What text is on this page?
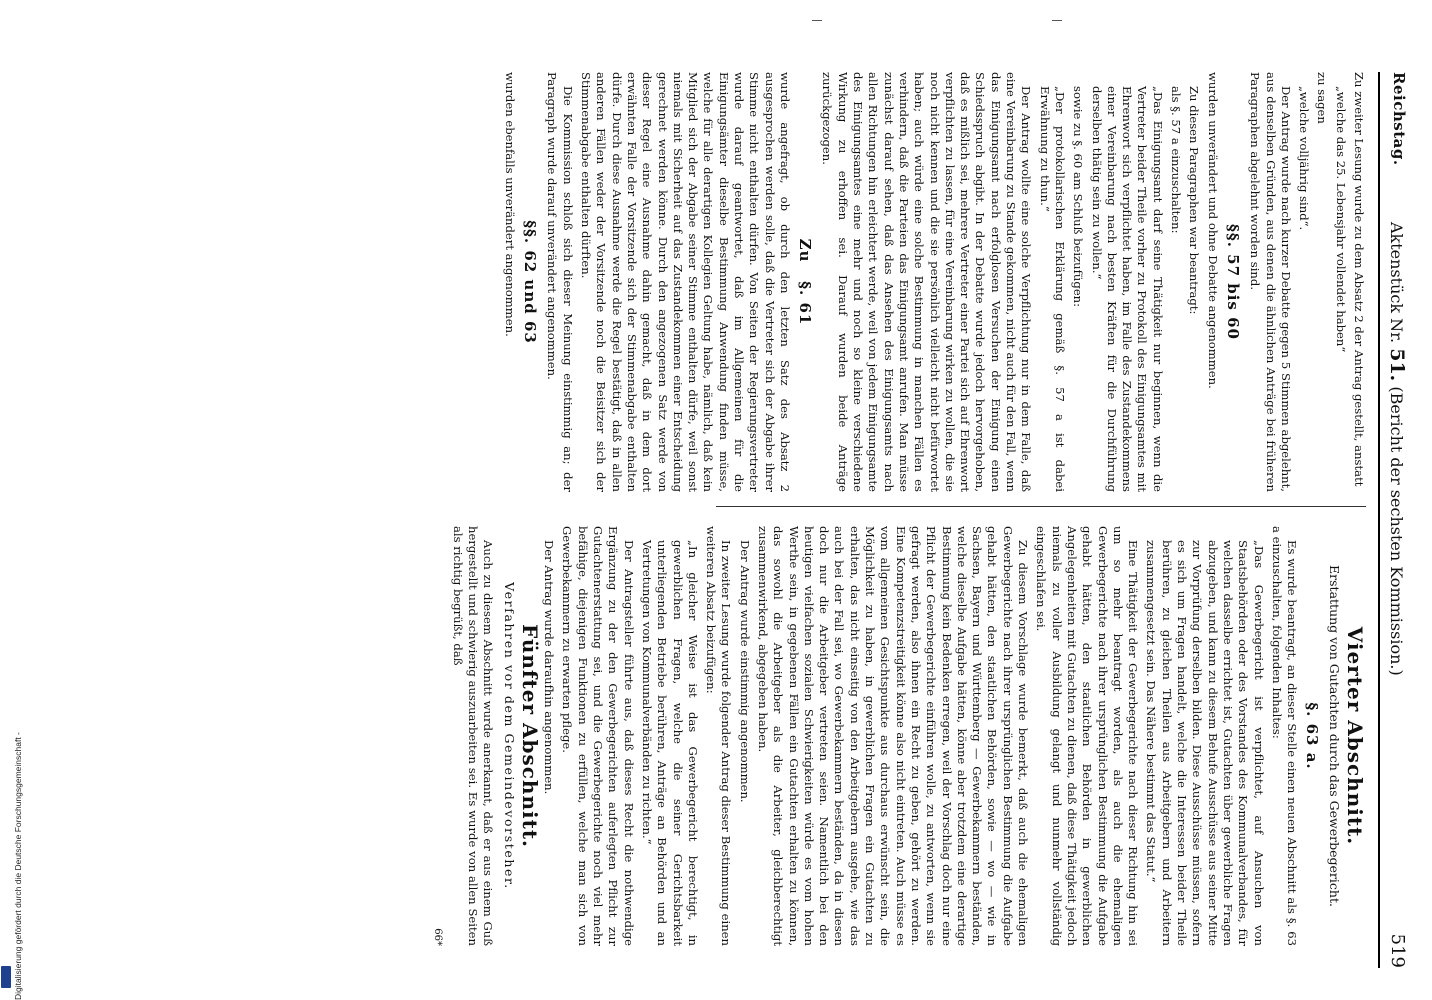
Reichstag.
Aktenstück Nr. 51. (Bericht der sechsten Kommission.)
519

Zu zweiter Lesung wurde zu dem Absatz 2 der Antrag gestellt, anstatt

„welche das 25. Lebensjahr vollendet haben“

zu sagen

„welche volljährig sind“.

Der Antrag wurde nach kurzer Debatte gegen 5 Stimmen abgelehnt, aus denselben Gründen, aus denen die ähnlichen Anträge bei früheren Paragraphen abgelehnt worden sind.

§§. 57 bis 60

wurden unverändert und ohne Debatte angenommen.

Zu diesen Paragraphen war beantragt:

als §. 57 a einzuschalten:

„Das Einigungsamt darf seine Thätigkeit nur beginnen, wenn die Vertreter beider Theile vorher zu Protokoll des Einigungsamtes mit Ehrenwort sich verpflichtet haben, im Falle des Zustandekommens einer Vereinbarung nach besten Kräften für die Durchführung derselben thätig sein zu wollen.“

sowie zu §. 60 am Schluß beizufügen:

„Der protokollarischen Erklärung gemäß §. 57 a ist dabei Erwähnung zu thun.“

Der Antrag wollte eine solche Verpflichtung nur in dem Falle, daß eine Vereinbarung zu Stande gekommen, nicht auch für den Fall, wenn das Einigungsamt nach erfolglosen Versuchen der Einigung einen Schiedsspruch abgibt. In der Debatte wurde jedoch hervorgehoben, daß es mißlich sei, mehrere Vertreter einer Partei sich auf Ehrenwort verpflichten zu lassen, für eine Vereinbarung wirken zu wollen, die sie noch nicht kennen und die sie persönlich vielleicht nicht befürwortet haben; auch würde eine solche Bestimmung in manchen Fällen es verhindern, daß die Parteien das Einigungsamt anrufen. Man müsse zunächst darauf sehen, daß das Ansehen des Einigungsamts nach allen Richtungen hin erleichtert werde, weil von jedem Einigungsamte des Einigungsamtes eine mehr und noch so kleine verschiedene Wirkung zu erhoffen sei. Darauf wurden beide Anträge zurückgezogen.

Zu   §. 61

wurde angefragt, ob durch den letzten Satz des Absatz 2 ausgesprochen werden solle, daß die Vertreter sich der Abgabe ihrer Stimme nicht enthalten dürfen. Von Seiten der Regierungsvertreter wurde darauf geantwortet, daß im Allgemeinen für die Einigungsämter dieselbe Bestimmung Anwendung finden müsse, welche für alle derartigen Kollegien Geltung habe, nämlich, daß kein Mitglied sich der Abgabe seiner Stimme enthalten dürfe, weil sonst niemals mit Sicherheit auf das Zustandekommen einer Entscheidung gerechnet werden könne. Durch den angezogenen Satz werde von dieser Regel eine Ausnahme dahin gemacht, daß in dem dort erwähnten Falle der Vorsitzende sich der Stimmenabgabe enthalten dürfe. Durch diese Ausnahme werde die Regel bestätigt, daß in allen anderen Fällen weder der Vorsitzende noch die Beisitzer sich der Stimmenabgabe enthalten dürften.

Die Kommission schloß sich dieser Meinung einstimmig an; der Paragraph wurde darauf unverändert angenommen.

§§. 62 und 63

wurden ebenfalls unverändert angenommen.

Vierter Abschnitt.
Erstattung von Gutachten durch das Gewerbegericht.
§. 63 a.

Es wurde beantragt, an dieser Stelle einen neuen Abschnitt als §. 63 a einzuschalten, folgenden Inhaltes:

„Das Gewerbegericht ist verpflichtet, auf Ansuchen von Staatsbehörden oder des Vorstandes des Kommunalverbandes, für welchen dasselbe errichtet ist, Gutachten über gewerbliche Fragen abzugeben, und kann zu diesem Behufe Ausschüsse aus seiner Mitte zur Vorprüfung derselben bilden. Diese Ausschüsse müssen, sofern es sich um Fragen handelt, welche die Interessen beider Theile berühren, zu gleichen Theilen aus Arbeitgebern und Arbeitern zusammengesetzt sein. Das Nähere bestimmt das Statut.“

Eine Thätigkeit der Gewerbegerichte nach dieser Richtung hin sei um so mehr beantragt worden, als auch die ehemaligen Gewerbegerichte nach ihrer ursprünglichen Bestimmung die Aufgabe gehabt hätten, den staatlichen Behörden in gewerblichen Angelegenheiten mit Gutachten zu dienen, daß diese Thätigkeit jedoch niemals zu voller Ausbildung gelangt und nunmehr vollständig eingeschlafen sei.

Zu diesem Vorschlage wurde bemerkt, daß auch die ehemaligen Gewerbegerichte nach ihrer ursprünglichen Bestimmung die Aufgabe gehabt hätten, den staatlichen Behörden, sowie — wo — wie in Sachsen, Bayern und Württemberg — Gewerbekammern beständen, welche dieselbe Aufgabe hätten, könne aber trotzdem eine derartige Bestimmung kein Bedenken erregen, weil der Vorschlag doch nur eine Pflicht der Gewerbegerichte einführen wolle, zu antworten, wenn sie gefragt werden, also ihnen ein Recht zu geben, gehört zu werden. Eine Kompetenzstreitigkeit könne also nicht eintreten. Auch müsse es vom allgemeinen Gesichtspunkte aus durchaus erwünscht sein, die Möglichkeit zu haben, in gewerblichen Fragen ein Gutachten zu erhalten, das nicht einseitig von den Arbeitgebern ausgehe, wie das auch bei der Fall sei, wo Gewerbekammern beständen, da in diesen doch nur die Arbeitgeber vertreten seien. Namentlich bei den heutigen vielfachen sozialen Schwierigkeiten würde es vom hohen Werthe sein, in gegebenen Fällen ein Gutachten erhalten zu können, das sowohl die Arbeitgeber als die Arbeiter, gleichberechtigt zusammenwirkend, abgegeben haben.

Der Antrag wurde einstimmig angenommen.

In zweiter Lesung wurde folgender Antrag dieser Bestimmung einen weiteren Absatz beizufügen:

„In gleicher Weise ist das Gewerbegericht berechtigt, in gewerblichen Fragen, welche die seiner Gerichtsbarkeit unterliegenden Betriebe berühren, Anträge an Behörden und an Vertretungen von Kommunalverbänden zu richten.“

Der Antragsteller führte aus, daß dieses Recht die nothwendige Ergänzung zu der den Gewerbegerichten auferlegten Pflicht zur Gutachtenerstattung sei, und die Gewerbegerichte noch viel mehr befähige, diejenigen Funktionen zu erfüllen, welche man sich von Gewerbekammern zu erwarten pflege.

Der Antrag wurde daraufhin angenommen.

Fünfter Abschnitt.
Verfahren vor dem Gemeindevorsteher.

Auch zu diesem Abschnitt wurde anerkannt, daß er aus einem Guß hergestellt und schwierig auszuarbeiten sei. Es wurde von allen Seiten als richtig begrüßt, daß

66*
Digitalisierung gefördert durch die Deutsche Forschungsgemeinschaft -
